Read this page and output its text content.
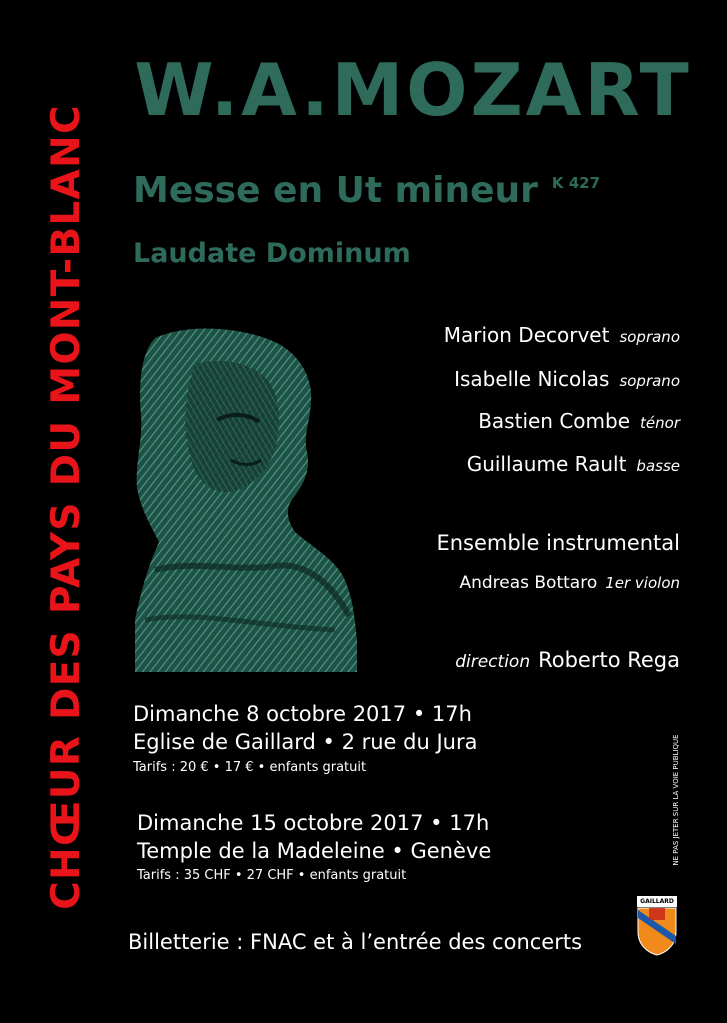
CHŒUR DES PAYS DU MONT-BLANC
W.A.MOZART
Messe en Ut mineur $^{K 427}$
Laudate Dominum
Marion Decorvet soprano
Isabelle Nicolas soprano
Bastien Combe ténor
Guillaume Rault basse
Ensemble instrumental
Andreas Bottaro 1er violon
direction Roberto Rega
Dimanche 8 octobre 2017 • 17h
Eglise de Gaillard • 2 rue du Jura
Tarifs : 20 € • 17 € • enfants gratuit
Dimanche 15 octobre 2017 • 17h
Temple de la Madeleine • Genève
Tarifs : 35 CHF • 27 CHF • enfants gratuit
Billetterie : FNAC et à l’entrée des concerts
NE PAS JETER SUR LA VOIE PUBLIQUE
GAILLARD
